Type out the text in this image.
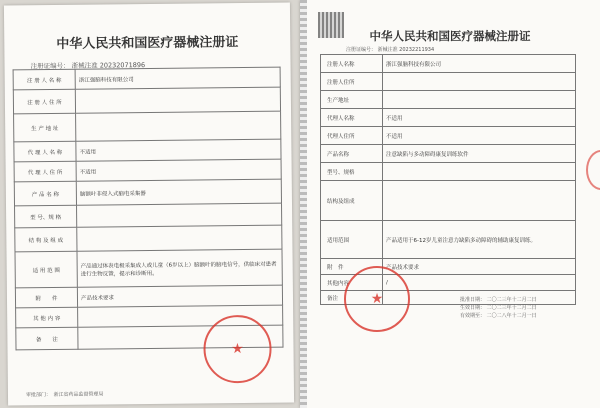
中华人民共和国医疗器械注册证
注册证编号： 浙械注准 20232071896
注 册 人 名 称	浙江强脑科技有限公司
注 册 人 住 所	
生 产 地 址	
代 理 人 名 称	不适用
代 理 人 住 所	不适用
产 品 名 称	脑额叶非侵入式脑电采集器
型 号、规 格	
结 构 及 组 成	
适 用 范 围	产品通过体表电极采集成人或儿童（6岁以上）脑额叶的脑电信号，供临床对患者进行生物反馈，提示和诊断用。
附　　件	产品技术要求
其 他 内 容	
备　　注	
审批部门：　浙江省药品监督管理局
★
中华人民共和国医疗器械注册证
注册证编号： 浙械注准 20232211934
注册人名称	浙江强脑科技有限公司
注册人住所	
生产地址	
代理人名称	不适用
代理人住所	不适用
产品名称	注意缺陷与多动障碍康复训练软件
型号、规格	
结构及组成	
适用范围	产品适用于6-12岁儿童注意力缺陷多动障碍的辅助康复训练。
附　件	产品技术要求
其他内容	/
备注		批准日期： 二〇二三年十二月二日
生效日期： 二〇二三年十二月二日
有效期至： 二〇二八年十二月一日
★
